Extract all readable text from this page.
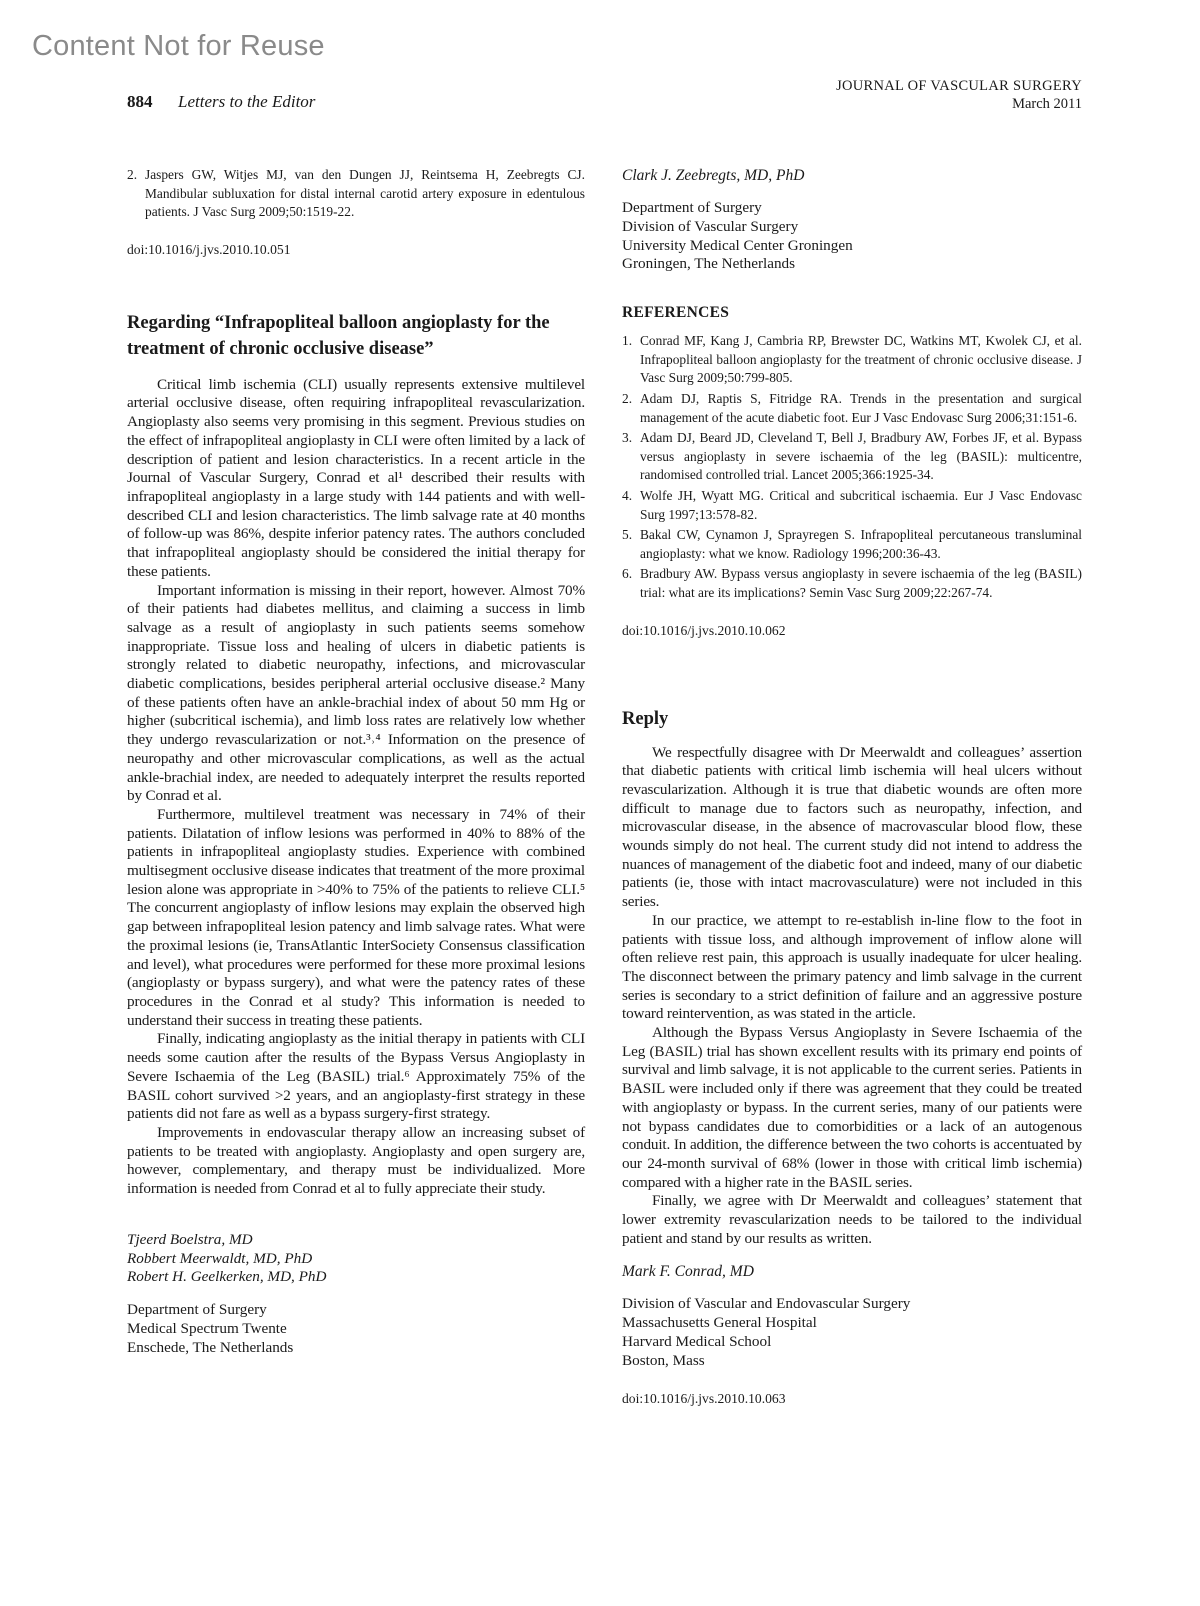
Content Not for Reuse
884 Letters to the Editor
JOURNAL OF VASCULAR SURGERY
March 2011
2. Jaspers GW, Witjes MJ, van den Dungen JJ, Reintsema H, Zeebregts CJ. Mandibular subluxation for distal internal carotid artery exposure in edentulous patients. J Vasc Surg 2009;50:1519-22.
doi:10.1016/j.jvs.2010.10.051
Regarding “Infrapopliteal balloon angioplasty for the treatment of chronic occlusive disease”

Critical limb ischemia (CLI) usually represents extensive multilevel arterial occlusive disease, often requiring infrapopliteal revascularization. Angioplasty also seems very promising in this segment. Previous studies on the effect of infrapopliteal angioplasty in CLI were often limited by a lack of description of patient and lesion characteristics. In a recent article in the Journal of Vascular Surgery, Conrad et al¹ described their results with infrapopliteal angioplasty in a large study with 144 patients and with well-described CLI and lesion characteristics. The limb salvage rate at 40 months of follow-up was 86%, despite inferior patency rates. The authors concluded that infrapopliteal angioplasty should be considered the initial therapy for these patients.

Important information is missing in their report, however. Almost 70% of their patients had diabetes mellitus, and claiming a success in limb salvage as a result of angioplasty in such patients seems somehow inappropriate. Tissue loss and healing of ulcers in diabetic patients is strongly related to diabetic neuropathy, infections, and microvascular diabetic complications, besides peripheral arterial occlusive disease.² Many of these patients often have an ankle-brachial index of about 50 mm Hg or higher (subcritical ischemia), and limb loss rates are relatively low whether they undergo revascularization or not.³˒⁴ Information on the presence of neuropathy and other microvascular complications, as well as the actual ankle-brachial index, are needed to adequately interpret the results reported by Conrad et al.

Furthermore, multilevel treatment was necessary in 74% of their patients. Dilatation of inflow lesions was performed in 40% to 88% of the patients in infrapopliteal angioplasty studies. Experience with combined multisegment occlusive disease indicates that treatment of the more proximal lesion alone was appropriate in >40% to 75% of the patients to relieve CLI.⁵ The concurrent angioplasty of inflow lesions may explain the observed high gap between infrapopliteal lesion patency and limb salvage rates. What were the proximal lesions (ie, TransAtlantic InterSociety Consensus classification and level), what procedures were performed for these more proximal lesions (angioplasty or bypass surgery), and what were the patency rates of these procedures in the Conrad et al study? This information is needed to understand their success in treating these patients.

Finally, indicating angioplasty as the initial therapy in patients with CLI needs some caution after the results of the Bypass Versus Angioplasty in Severe Ischaemia of the Leg (BASIL) trial.⁶ Approximately 75% of the BASIL cohort survived >2 years, and an angioplasty-first strategy in these patients did not fare as well as a bypass surgery-first strategy.

Improvements in endovascular therapy allow an increasing subset of patients to be treated with angioplasty. Angioplasty and open surgery are, however, complementary, and therapy must be individualized. More information is needed from Conrad et al to fully appreciate their study.

Tjeerd Boelstra, MD
Robbert Meerwaldt, MD, PhD
Robert H. Geelkerken, MD, PhD
Department of Surgery
Medical Spectrum Twente
Enschede, The Netherlands
Clark J. Zeebregts, MD, PhD
Department of Surgery
Division of Vascular Surgery
University Medical Center Groningen
Groningen, The Netherlands
REFERENCES
1. Conrad MF, Kang J, Cambria RP, Brewster DC, Watkins MT, Kwolek CJ, et al. Infrapopliteal balloon angioplasty for the treatment of chronic occlusive disease. J Vasc Surg 2009;50:799-805.
2. Adam DJ, Raptis S, Fitridge RA. Trends in the presentation and surgical management of the acute diabetic foot. Eur J Vasc Endovasc Surg 2006;31:151-6.
3. Adam DJ, Beard JD, Cleveland T, Bell J, Bradbury AW, Forbes JF, et al. Bypass versus angioplasty in severe ischaemia of the leg (BASIL): multicentre, randomised controlled trial. Lancet 2005;366:1925-34.
4. Wolfe JH, Wyatt MG. Critical and subcritical ischaemia. Eur J Vasc Endovasc Surg 1997;13:578-82.
5. Bakal CW, Cynamon J, Sprayregen S. Infrapopliteal percutaneous transluminal angioplasty: what we know. Radiology 1996;200:36-43.
6. Bradbury AW. Bypass versus angioplasty in severe ischaemia of the leg (BASIL) trial: what are its implications? Semin Vasc Surg 2009;22:267-74.
doi:10.1016/j.jvs.2010.10.062
Reply

We respectfully disagree with Dr Meerwaldt and colleagues’ assertion that diabetic patients with critical limb ischemia will heal ulcers without revascularization. Although it is true that diabetic wounds are often more difficult to manage due to factors such as neuropathy, infection, and microvascular disease, in the absence of macrovascular blood flow, these wounds simply do not heal. The current study did not intend to address the nuances of management of the diabetic foot and indeed, many of our diabetic patients (ie, those with intact macrovasculature) were not included in this series.

In our practice, we attempt to re-establish in-line flow to the foot in patients with tissue loss, and although improvement of inflow alone will often relieve rest pain, this approach is usually inadequate for ulcer healing. The disconnect between the primary patency and limb salvage in the current series is secondary to a strict definition of failure and an aggressive posture toward reintervention, as was stated in the article.

Although the Bypass Versus Angioplasty in Severe Ischaemia of the Leg (BASIL) trial has shown excellent results with its primary end points of survival and limb salvage, it is not applicable to the current series. Patients in BASIL were included only if there was agreement that they could be treated with angioplasty or bypass. In the current series, many of our patients were not bypass candidates due to comorbidities or a lack of an autogenous conduit. In addition, the difference between the two cohorts is accentuated by our 24-month survival of 68% (lower in those with critical limb ischemia) compared with a higher rate in the BASIL series.

Finally, we agree with Dr Meerwaldt and colleagues’ statement that lower extremity revascularization needs to be tailored to the individual patient and stand by our results as written.

Mark F. Conrad, MD
Division of Vascular and Endovascular Surgery
Massachusetts General Hospital
Harvard Medical School
Boston, Mass
doi:10.1016/j.jvs.2010.10.063
